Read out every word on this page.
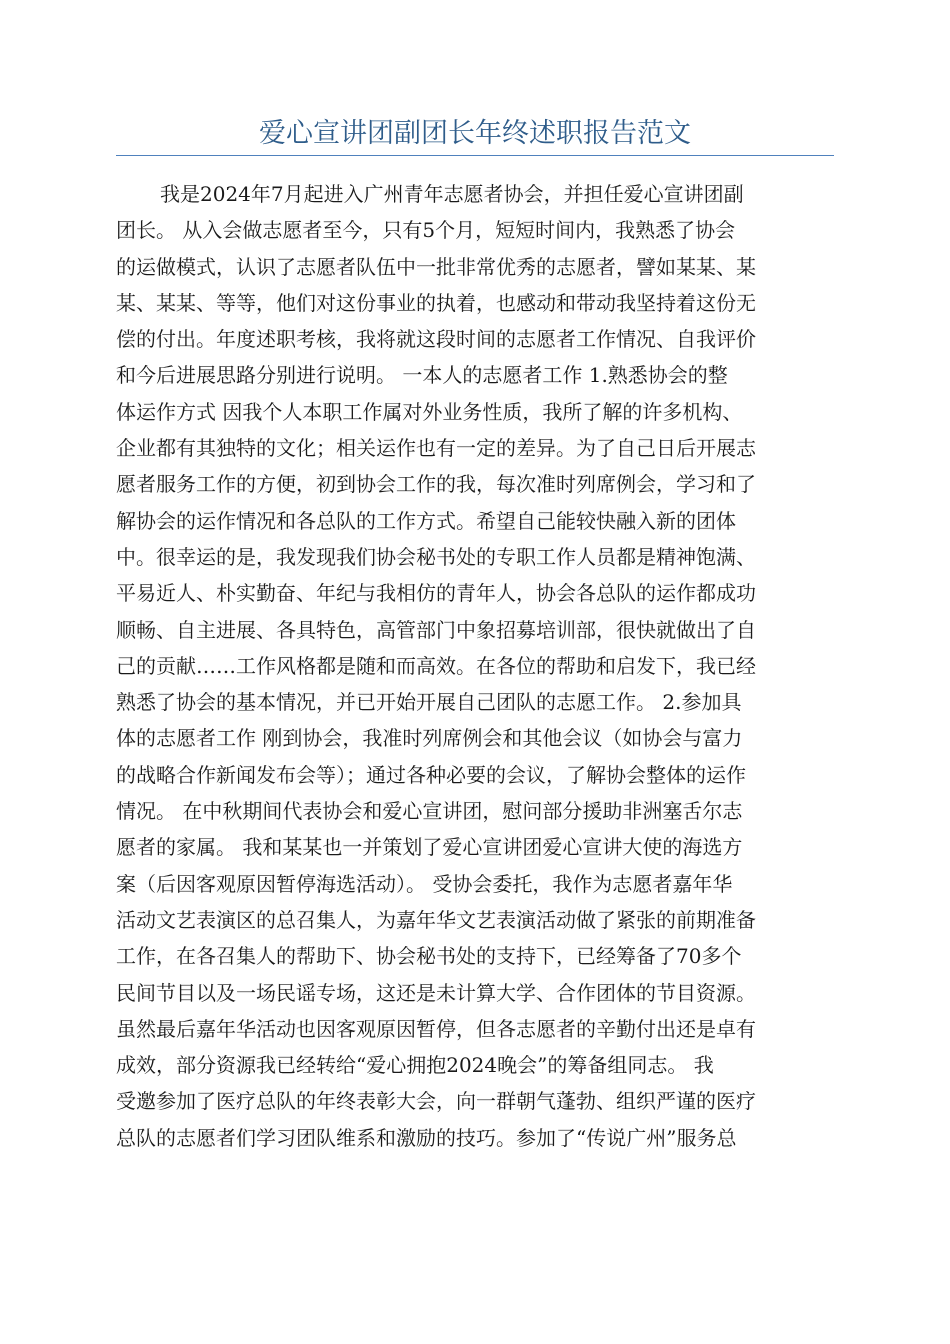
爱心宣讲团副团长年终述职报告范文
我是2024年7月起进入广州青年志愿者协会，并担任爱心宣讲团副
团长。 从入会做志愿者至今，只有5个月，短短时间内，我熟悉了协会
的运做模式，认识了志愿者队伍中一批非常优秀的志愿者，譬如某某、某
某、某某、等等，他们对这份事业的执着，也感动和带动我坚持着这份无
偿的付出。年度述职考核，我将就这段时间的志愿者工作情况、自我评价
和今后进展思路分别进行说明。 一本人的志愿者工作 1.熟悉协会的整
体运作方式 因我个人本职工作属对外业务性质，我所了解的许多机构、
企业都有其独特的文化；相关运作也有一定的差异。为了自己日后开展志
愿者服务工作的方便，初到协会工作的我，每次准时列席例会，学习和了
解协会的运作情况和各总队的工作方式。希望自己能较快融入新的团体
中。很幸运的是，我发现我们协会秘书处的专职工作人员都是精神饱满、
平易近人、朴实勤奋、年纪与我相仿的青年人，协会各总队的运作都成功
顺畅、自主进展、各具特色，高管部门中象招募培训部，很快就做出了自
己的贡献……工作风格都是随和而高效。在各位的帮助和启发下，我已经
熟悉了协会的基本情况，并已开始开展自己团队的志愿工作。 2.参加具
体的志愿者工作 刚到协会，我准时列席例会和其他会议（如协会与富力
的战略合作新闻发布会等）；通过各种必要的会议，了解协会整体的运作
情况。 在中秋期间代表协会和爱心宣讲团，慰问部分援助非洲塞舌尔志
愿者的家属。 我和某某也一并策划了爱心宣讲团爱心宣讲大使的海选方
案（后因客观原因暂停海选活动）。 受协会委托，我作为志愿者嘉年华
活动文艺表演区的总召集人，为嘉年华文艺表演活动做了紧张的前期准备
工作，在各召集人的帮助下、协会秘书处的支持下，已经筹备了70多个
民间节目以及一场民谣专场，这还是未计算大学、合作团体的节目资源。
虽然最后嘉年华活动也因客观原因暂停，但各志愿者的辛勤付出还是卓有
成效，部分资源我已经转给“爱心拥抱2024晚会”的筹备组同志。 我
受邀参加了医疗总队的年终表彰大会，向一群朝气蓬勃、组织严谨的医疗
总队的志愿者们学习团队维系和激励的技巧。参加了“传说广州”服务总
